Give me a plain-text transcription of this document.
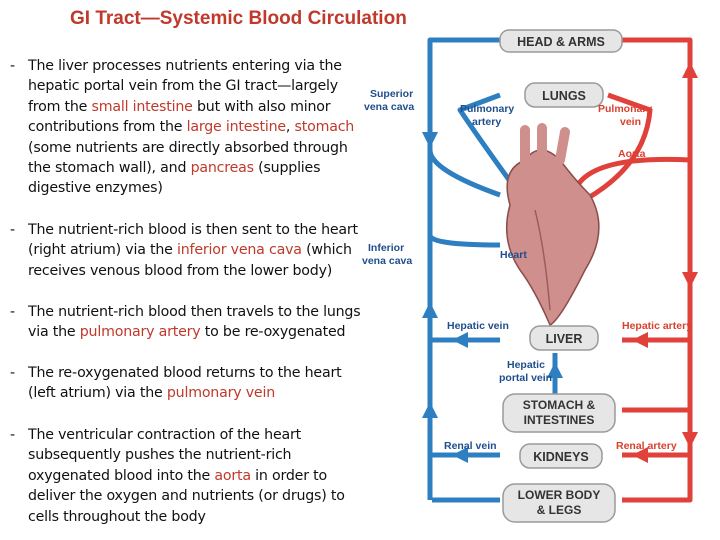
GI Tract—Systemic Blood Circulation
- The liver processes nutrients entering via the hepatic portal vein from the GI tract—largely from the small intestine but with also minor contributions from the large intestine, stomach (some nutrients are directly absorbed through the stomach wall), and pancreas (supplies digestive enzymes)
- The nutrient-rich blood is then sent to the heart (right atrium) via the inferior vena cava (which receives venous blood from the lower body)
- The nutrient-rich blood then travels to the lungs via the pulmonary artery to be re-oxygenated
- The re-oxygenated blood returns to the heart (left atrium) via the pulmonary vein
- The ventricular contraction of the heart subsequently pushes the nutrient-rich oxygenated blood into the aorta in order to deliver the oxygen and nutrients (or drugs) to cells throughout the body
HEAD & ARMS
LUNGS
LIVER
STOMACH &
INTESTINES
KIDNEYS
LOWER BODY
& LEGS
Superior
vena cava	Pulmonary
artery
Pulmonary
vein
Aorta
Inferior
vena cava	Heart
Hepatic vein	Hepatic artery
Hepatic
portal vein
Renal vein	Renal artery
